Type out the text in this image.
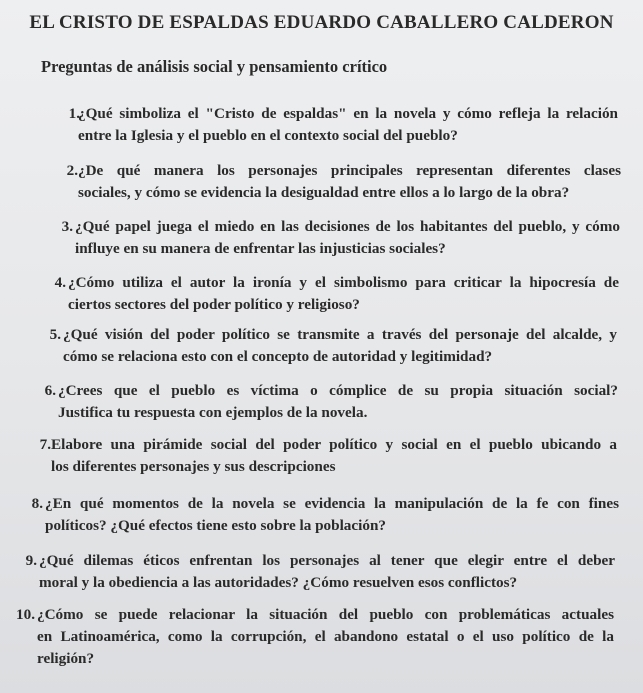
EL CRISTO DE ESPALDAS EDUARDO CABALLERO CALDERON
Preguntas de análisis social y pensamiento crítico
1.
¿Qué simboliza el "Cristo de espaldas" en la novela y cómo refleja la relación
entre la Iglesia y el pueblo en el contexto social del pueblo?
2. ¿De qué manera los personajes principales representan diferentes clases
sociales, y cómo se evidencia la desigualdad entre ellos a lo largo de la obra?
3. ¿Qué papel juega el miedo en las decisiones de los habitantes del pueblo, y cómo
influye en su manera de enfrentar las injusticias sociales?
4. ¿Cómo utiliza el autor la ironía y el simbolismo para criticar la hipocresía de
ciertos sectores del poder político y religioso?
5. ¿Qué visión del poder político se transmite a través del personaje del alcalde, y
cómo se relaciona esto con el concepto de autoridad y legitimidad?
6. ¿Crees que el pueblo es víctima o cómplice de su propia situación social?
Justifica tu respuesta con ejemplos de la novela.
7. Elabore una pirámide social del poder político y social en el pueblo ubicando a
los diferentes personajes y sus descripciones
8. ¿En qué momentos de la novela se evidencia la manipulación de la fe con fines
políticos? ¿Qué efectos tiene esto sobre la población?
9. ¿Qué dilemas éticos enfrentan los personajes al tener que elegir entre el deber
moral y la obediencia a las autoridades? ¿Cómo resuelven esos conflictos?
10. ¿Cómo se puede relacionar la situación del pueblo con problemáticas actuales
en Latinoamérica, como la corrupción, el abandono estatal o el uso político de la
religión?
